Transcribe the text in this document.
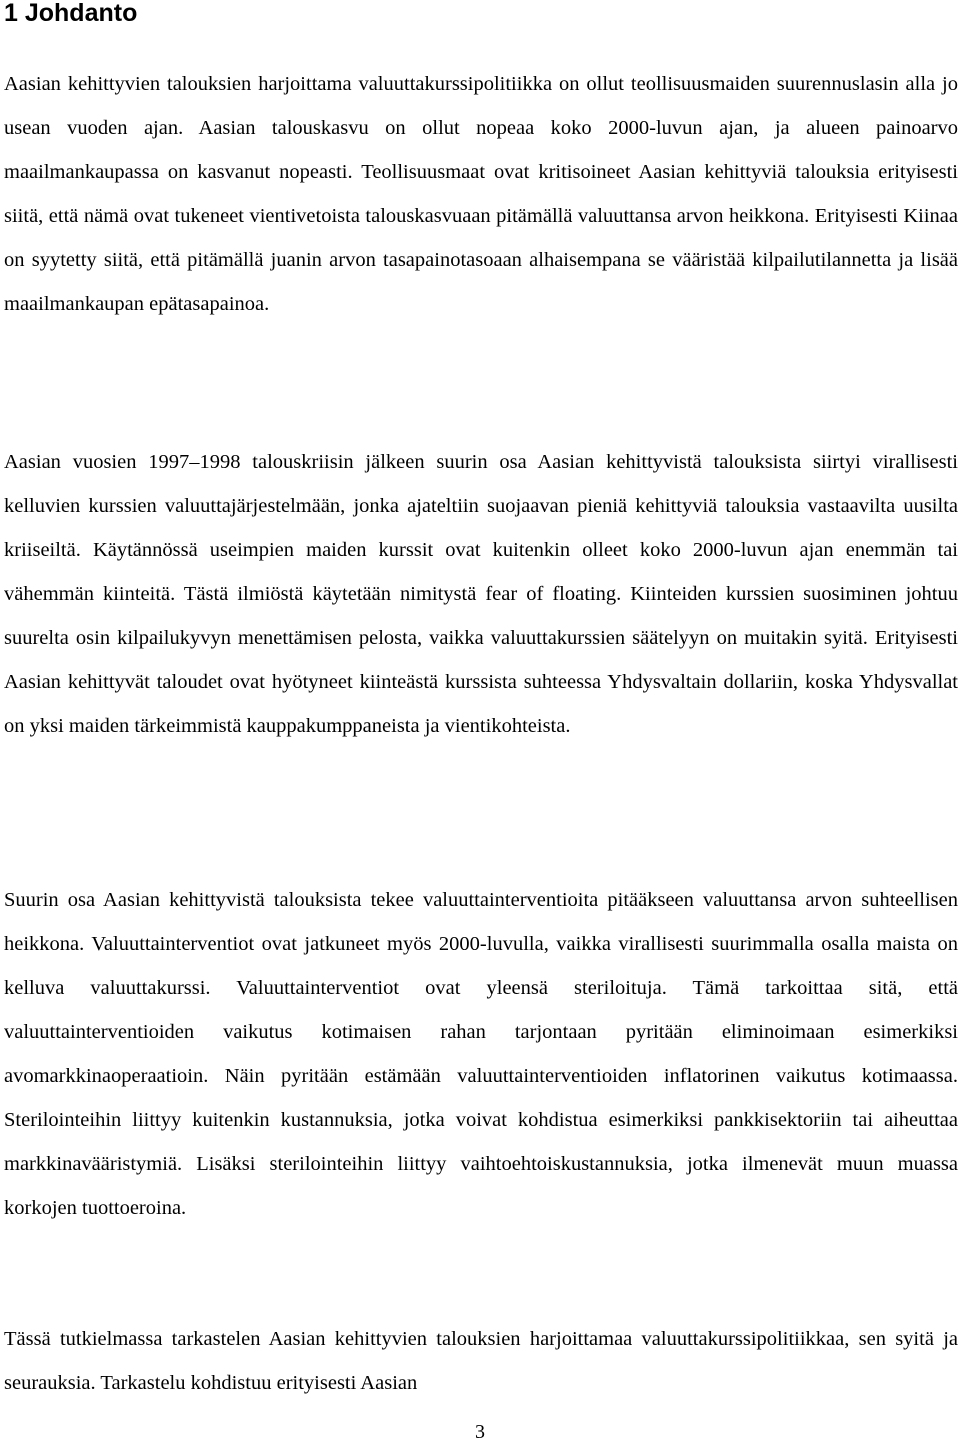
1 Johdanto

Aasian kehittyvien talouksien harjoittama valuuttakurssipolitiikka on ollut teollisuusmaiden suurennuslasin alla jo usean vuoden ajan. Aasian talouskasvu on ollut nopeaa koko 2000-luvun ajan, ja alueen painoarvo maailmankaupassa on kasvanut nopeasti. Teollisuusmaat ovat kritisoineet Aasian kehittyviä talouksia erityisesti siitä, että nämä ovat tukeneet vientivetoista talouskasvuaan pitämällä valuuttansa arvon heikkona. Erityisesti Kiinaa on syytetty siitä, että pitämällä juanin arvon tasapainotasoaan alhaisempana se vääristää kilpailutilannetta ja lisää maailmankaupan epätasapainoa.

Aasian vuosien 1997–1998 talouskriisin jälkeen suurin osa Aasian kehittyvistä talouksista siirtyi virallisesti kelluvien kurssien valuuttajärjestelmään, jonka ajateltiin suojaavan pieniä kehittyviä talouksia vastaavilta uusilta kriiseiltä. Käytännössä useimpien maiden kurssit ovat kuitenkin olleet koko 2000-luvun ajan enemmän tai vähemmän kiinteitä. Tästä ilmiöstä käytetään nimitystä fear of floating. Kiinteiden kurssien suosiminen johtuu suurelta osin kilpailukyvyn menettämisen pelosta, vaikka valuuttakurssien säätelyyn on muitakin syitä. Erityisesti Aasian kehittyvät taloudet ovat hyötyneet kiinteästä kurssista suhteessa Yhdysvaltain dollariin, koska Yhdysvallat on yksi maiden tärkeimmistä kauppakumppaneista ja vientikohteista.

Suurin osa Aasian kehittyvistä talouksista tekee valuuttainterventioita pitääkseen valuuttansa arvon suhteellisen heikkona. Valuuttainterventiot ovat jatkuneet myös 2000-luvulla, vaikka virallisesti suurimmalla osalla maista on kelluva valuuttakurssi. Valuuttainterventiot ovat yleensä steriloituja. Tämä tarkoittaa sitä, että valuuttainterventioiden vaikutus kotimaisen rahan tarjontaan pyritään eliminoimaan esimerkiksi avomarkkinaoperaatioin. Näin pyritään estämään valuuttainterventioiden inflatorinen vaikutus kotimaassa. Sterilointeihin liittyy kuitenkin kustannuksia, jotka voivat kohdistua esimerkiksi pankkisektoriin tai aiheuttaa markkinavääristymiä. Lisäksi sterilointeihin liittyy vaihtoehtoiskustannuksia, jotka ilmenevät muun muassa korkojen tuottoeroina.

Tässä tutkielmassa tarkastelen Aasian kehittyvien talouksien harjoittamaa valuuttakurssipolitiikkaa, sen syitä ja seurauksia. Tarkastelu kohdistuu erityisesti Aasian

3
